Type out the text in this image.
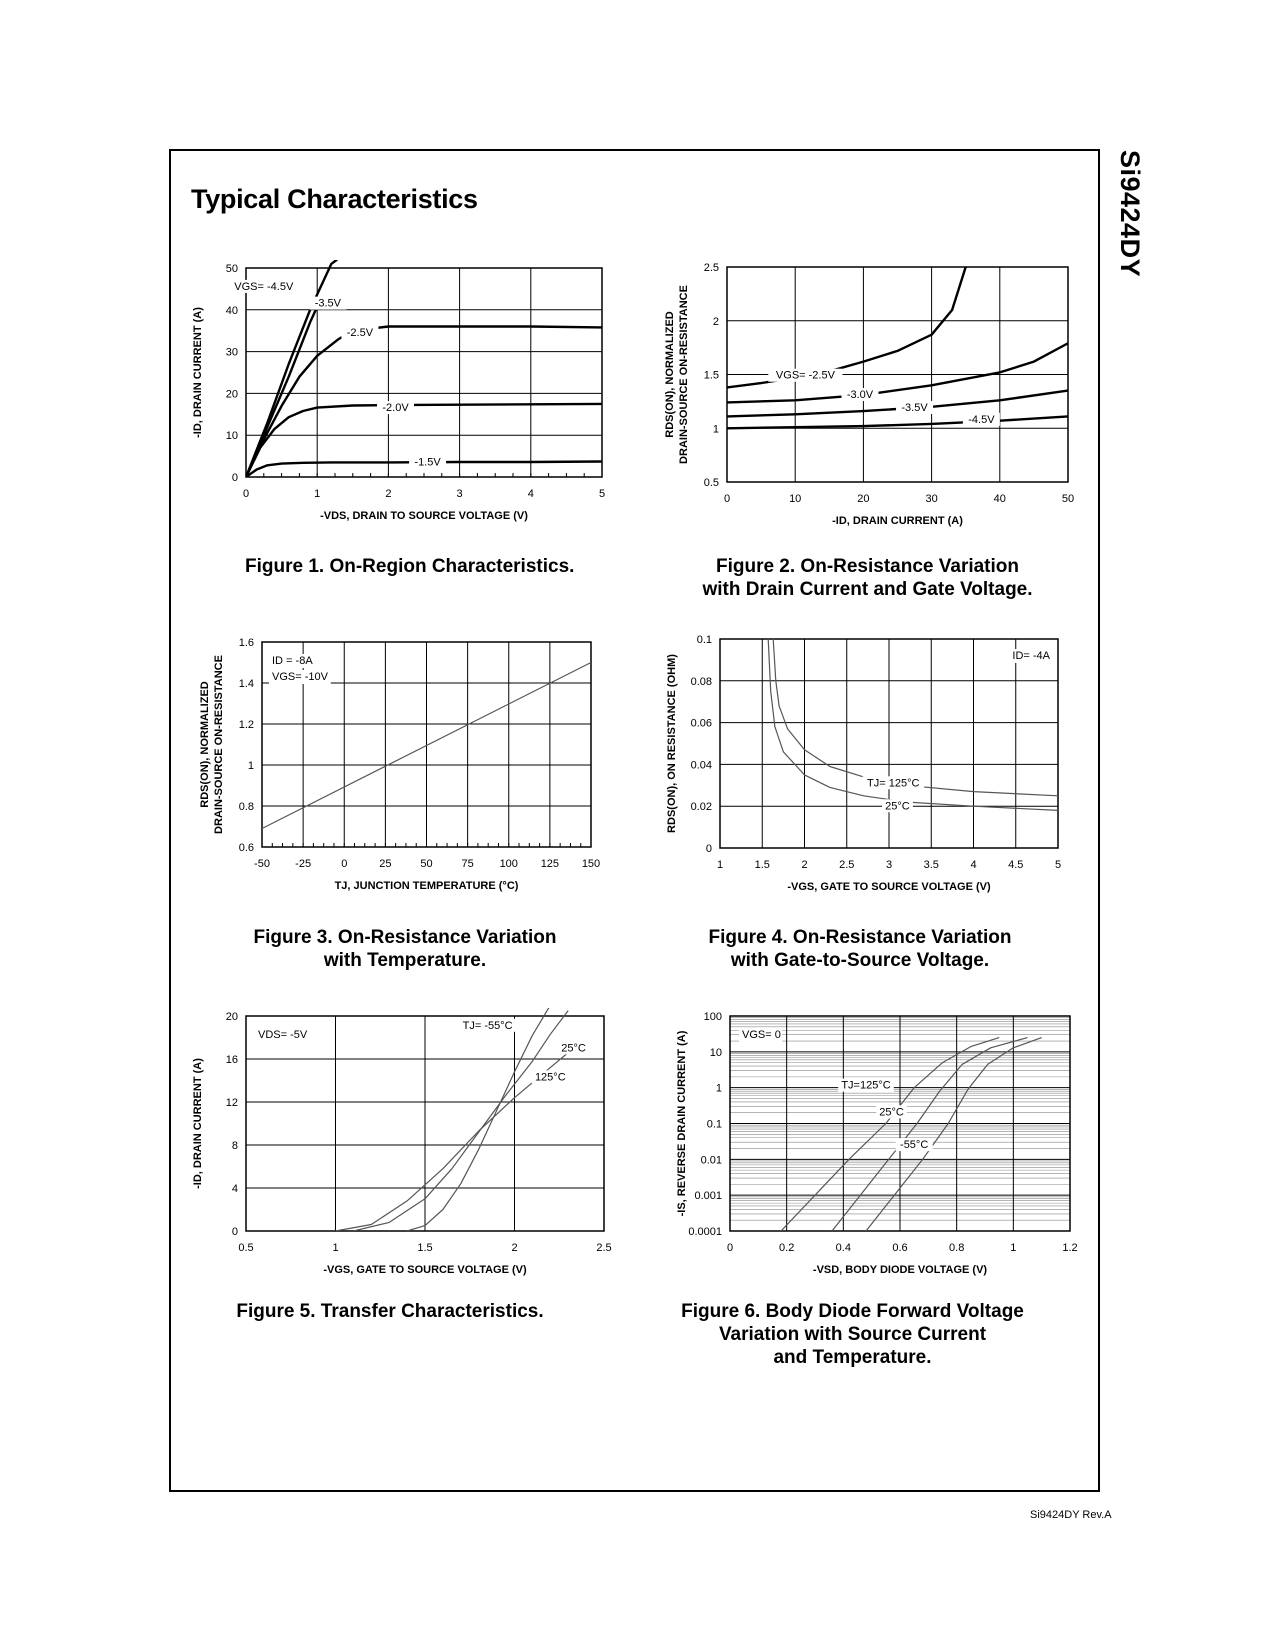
Typical Characteristics	Si9424DY
Si9424DY Rev.A
Figure 1. On-Region Characteristics.	Figure 2. On-Resistance Variation
with Drain Current and Gate Voltage.
Figure 3. On-Resistance Variation
with Temperature.
Figure 4. On-Resistance Variation
with Gate-to-Source Voltage.
Figure 5. Transfer Characteristics.	Figure 6. Body Diode Forward Voltage
Variation with Source Current
and Temperature.
0	1	2	3	4	5
0
10
20
30
40
50
VGS= -4.5V
-3.5V
-2.5V
-2.0V
-1.5V
-VDS, DRAIN TO SOURCE VOLTAGE (V)
-ID, DRAIN CURRENT (A)
0	10	20	30	40	50
0.5
1
1.5
2
2.5
VGS= -2.5V
-3.0V
-3.5V
-4.5V
-ID, DRAIN CURRENT (A)
RDS(ON), NORMALIZED DRAIN-SOURCE ON-RESISTANCE
-50 -25	0	25	50	75 100 125 150
0.6
0.8
1
1.2
1.4
1.6
ID = -8A
VGS= -10V
TJ, JUNCTION TEMPERATURE (°C)
RDS(ON), NORMALIZED DRAIN-SOURCE ON-RESISTANCE
1	1.5	2	2.5	3	3.5	4	4.5	5
0
0.02
0.04
0.06
0.08
0.1
TJ= 125°C
25°C
ID= -4A
-VGS, GATE TO SOURCE VOLTAGE (V)
RDS(ON), ON RESISTANCE (OHM)
0.5	1	1.5	2	2.5
0
4
8
12
16
20
TJ= -55°C
25°C
125°C
VDS= -5V
-VGS, GATE TO SOURCE VOLTAGE (V)
-ID, DRAIN CURRENT (A)
0	0.2	0.4	0.6	0.8	1	1.2
0.0001
0.001
0.01
0.1
1
10
100
TJ=125°C
25°C
-55°C
VGS= 0
-VSD, BODY DIODE VOLTAGE (V)
-IS, REVERSE DRAIN CURRENT (A)
